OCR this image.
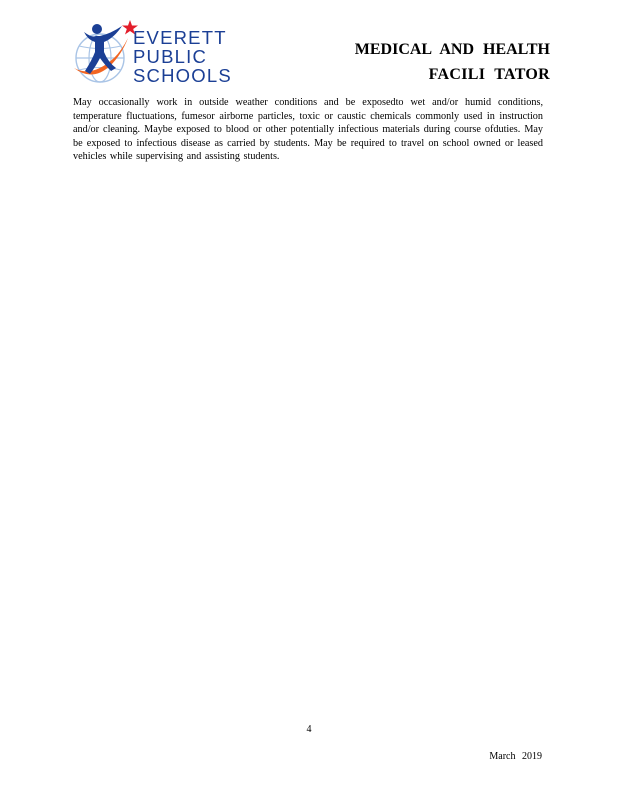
EVERETT
PUBLIC
SCHOOLS
MEDICAL AND HEALTH
FACILI TATOR
May occasionally work in outside weather conditions and be exposedto wet and/or humid conditions, temperature fluctuations, fumesor airborne particles, toxic or caustic chemicals commonly used in instruction and/or cleaning. Maybe exposed to blood or other potentially infectious materials during course ofduties. May be exposed to infectious disease as carried by students. May be required to travel on school owned or leased vehicles while supervising and assisting students.
4
March 2019
